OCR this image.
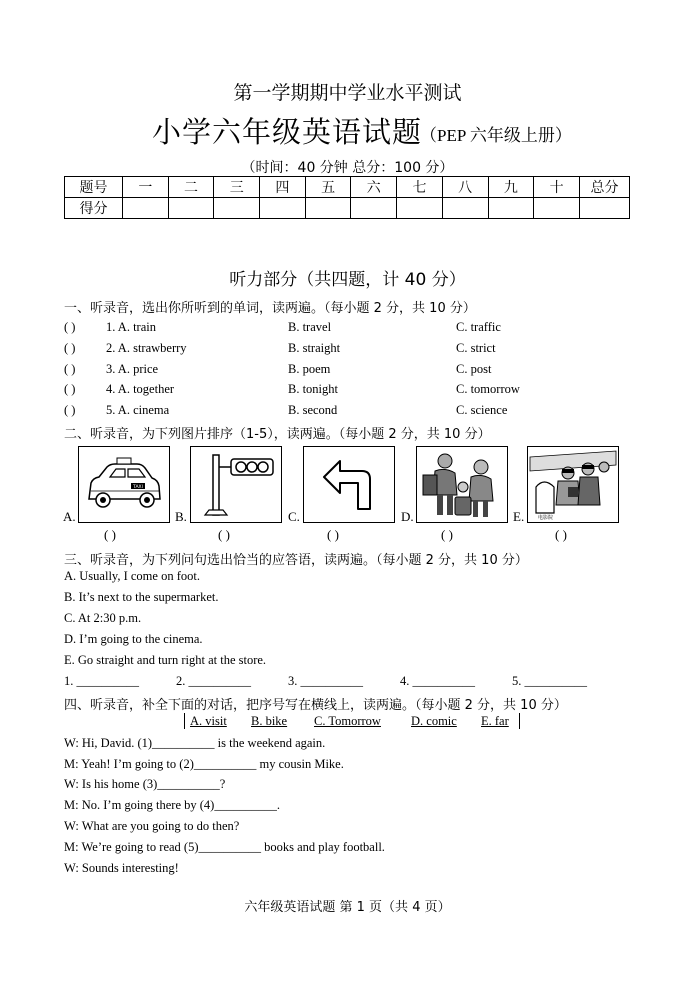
第一学期期中学业水平测试
小学六年级英语试题
（PEP 六年级上册）
（时间：40 分钟 总分：100 分）
题号	一	二	三	四	五	六	七	八	九	十	总分
得分											
听力部分（共四题，计 40 分）
一、听录音，选出你所听到的单词，读两遍。（每小题 2 分，共 10 分）
( ) 1. A. train	B. travel	C. traffic
( ) 2. A. strawberry	B. straight	C. strict
( ) 3. A. price	B. poem	C. post
( ) 4. A. together	B. tonight	C. tomorrow
( ) 5. A. cinema	B. second	C. science
二、听录音，为下列图片排序（1-5），读两遍。（每小题 2 分，共 10 分）
A.
TAXI
B.	C.	D.	E.	电影院
( )	( )	( )	( )	( )
三、听录音，为下列问句选出恰当的应答语，读两遍。（每小题 2 分，共 10 分）
A. Usually, I come on foot.
B. It’s next to the supermarket.
C. At 2:30 p.m.
D. I’m going to the cinema.
E. Go straight and turn right at the store.
1. __________	2. __________	3. __________	4. __________	5. __________
四、听录音，补全下面的对话，把序号写在横线上，读两遍。（每小题 2 分，共 10 分）
A. visit B. bike C. Tomorrow D. comic E. far
W: Hi, David. (1)__________ is the weekend again.
M: Yeah! I’m going to (2)__________ my cousin Mike.
W: Is his home (3)__________?
M: No. I’m going there by (4)__________.
W: What are you going to do then?
M: We’re going to read (5)__________ books and play football.
W: Sounds interesting!
六年级英语试题 第 1 页（共 4 页）
